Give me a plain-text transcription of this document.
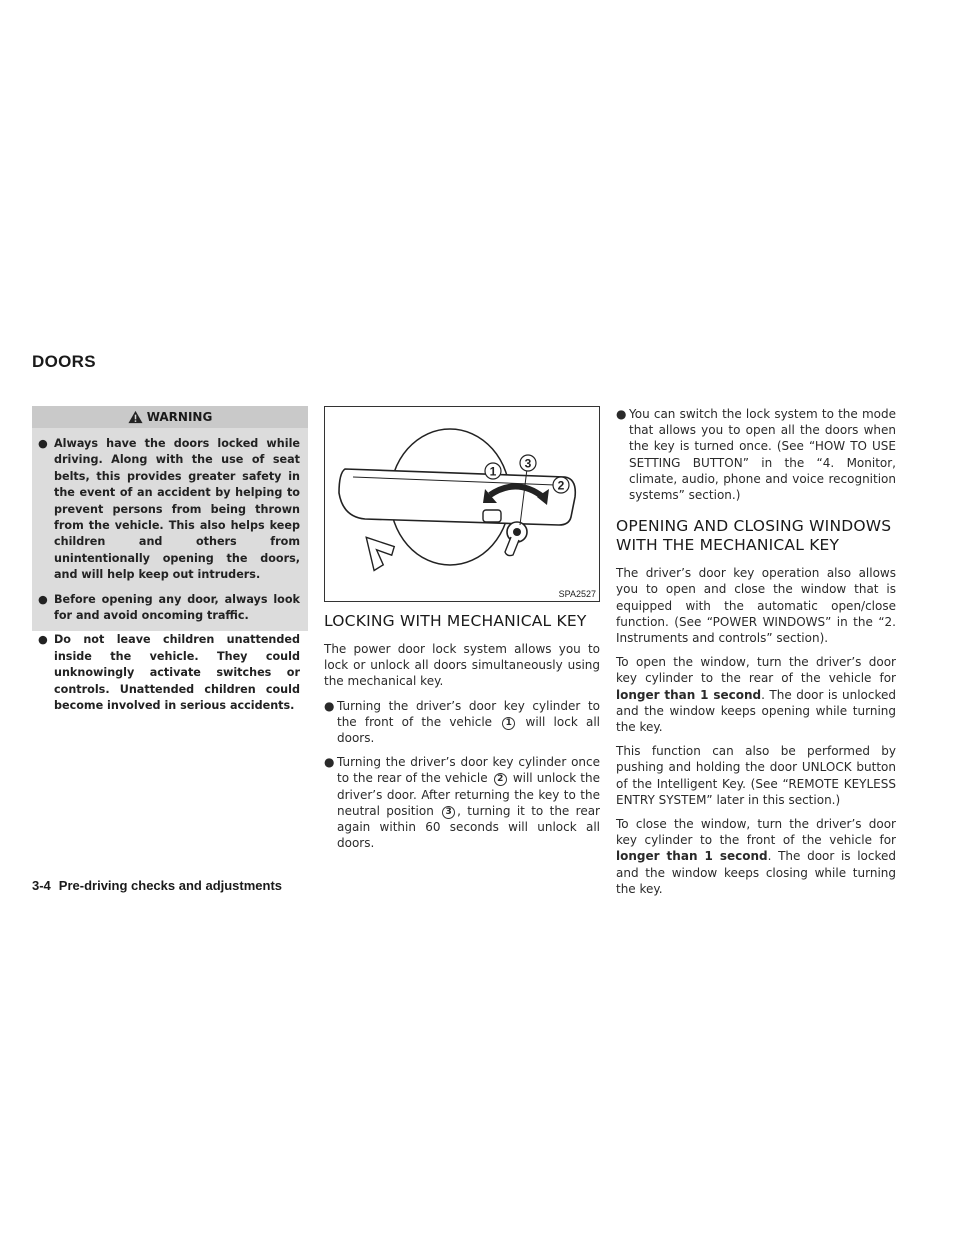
DOORS
WARNING
● Always have the doors locked while driving. Along with the use of seat belts, this provides greater safety in the event of an accident by helping to prevent persons from being thrown from the vehicle. This also helps keep children and others from unintentionally opening the doors, and will help keep out intruders.
● Before opening any door, always look for and avoid oncoming traffic.
● Do not leave children unattended inside the vehicle. They could unknowingly activate switches or controls. Unattended children could become involved in serious accidents.
1
3
2
SPA2527
LOCKING WITH MECHANICAL KEY

The power door lock system allows you to lock or unlock all doors simultaneously using the mechanical key.

● Turning the driver’s door key cylinder to the front of the vehicle 1 will lock all doors.
● Turning the driver’s door key cylinder once to the rear of the vehicle 2 will unlock the driver’s door. After returning the key to the neutral position 3 , turning it to the rear again within 60 seconds will unlock all doors.
● You can switch the lock system to the mode that allows you to open all the doors when the key is turned once. (See “HOW TO USE SETTING BUTTON” in the “4. Monitor, climate, audio, phone and voice recognition systems” section.)
OPENING AND CLOSING WINDOWS WITH THE MECHANICAL KEY

The driver’s door key operation also allows you to open and close the window that is equipped with the automatic open/close function. (See “POWER WINDOWS” in the “2. Instruments and controls” section).

To open the window, turn the driver’s door key cylinder to the rear of the vehicle for longer than 1 second. The door is unlocked and the window keeps opening while turning the key.

This function can also be performed by pushing and holding the door UNLOCK button of the Intelligent Key. (See “REMOTE KEYLESS ENTRY SYSTEM” later in this section.)

To close the window, turn the driver’s door key cylinder to the front of the vehicle for longer than 1 second. The door is locked and the window keeps closing while turning the key.

3-4 Pre-driving checks and adjustments
